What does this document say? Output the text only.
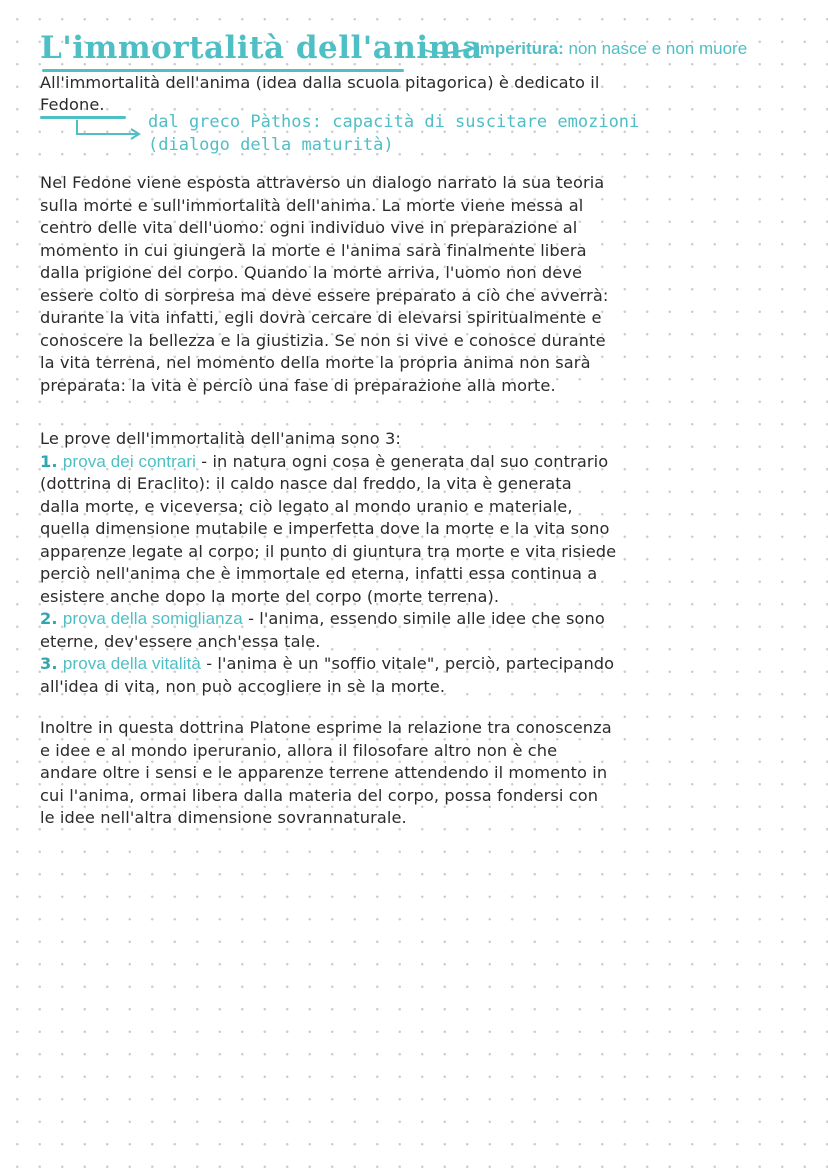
L'immortalità dell'anima
Imperitura: non nasce e non muore
All'immortalità dell'anima (idea dalla scuola pitagorica) è dedicato il
Fedone.
dal greco Pàthos: capacità di suscitare emozioni
(dialogo della maturità)

Nel Fedone viene esposta attraverso un dialogo narrato la sua teoria

sulla morte e sull'immortalità dell'anima. La morte viene messa al

centro delle vita dell'uomo: ogni individuo vive in preparazione al

momento in cui giungerà la morte e l'anima sarà finalmente libera

dalla prigione del corpo. Quando la morte arriva, l'uomo non deve

essere colto di sorpresa ma deve essere preparato a ciò che avverrà:

durante la vita infatti, egli dovrà cercare di elevarsi spiritualmente e

conoscere la bellezza e la giustizia. Se non si vive e conosce durante

la vita terrena, nel momento della morte la propria anima non sarà

preparata: la vita è perciò una fase di preparazione alla morte.

Le prove dell'immortalità dell'anima sono 3:

1. prova dei contrari - in natura ogni cosa è generata dal suo contrario

(dottrina di Eraclito): il caldo nasce dal freddo, la vita è generata

dalla morte, e viceversa; ciò legato al mondo uranio e materiale,

quella dimensione mutabile e imperfetta dove la morte e la vita sono

apparenze legate al corpo; il punto di giuntura tra morte e vita risiede

perciò nell'anima che è immortale ed eterna, infatti essa continua a

esistere anche dopo la morte del corpo (morte terrena).

2. prova della somiglianza - l'anima, essendo simile alle idee che sono

eterne, dev'essere anch'essa tale.

3. prova della vitalità - l'anima è un "soffio vitale", perciò, partecipando

all'idea di vita, non può accogliere in sè la morte.

Inoltre in questa dottrina Platone esprime la relazione tra conoscenza

e idee e al mondo iperuranio, allora il filosofare altro non è che

andare oltre i sensi e le apparenze terrene attendendo il momento in

cui l'anima, ormai libera dalla materia del corpo, possa fondersi con

le idee nell'altra dimensione sovrannaturale.
